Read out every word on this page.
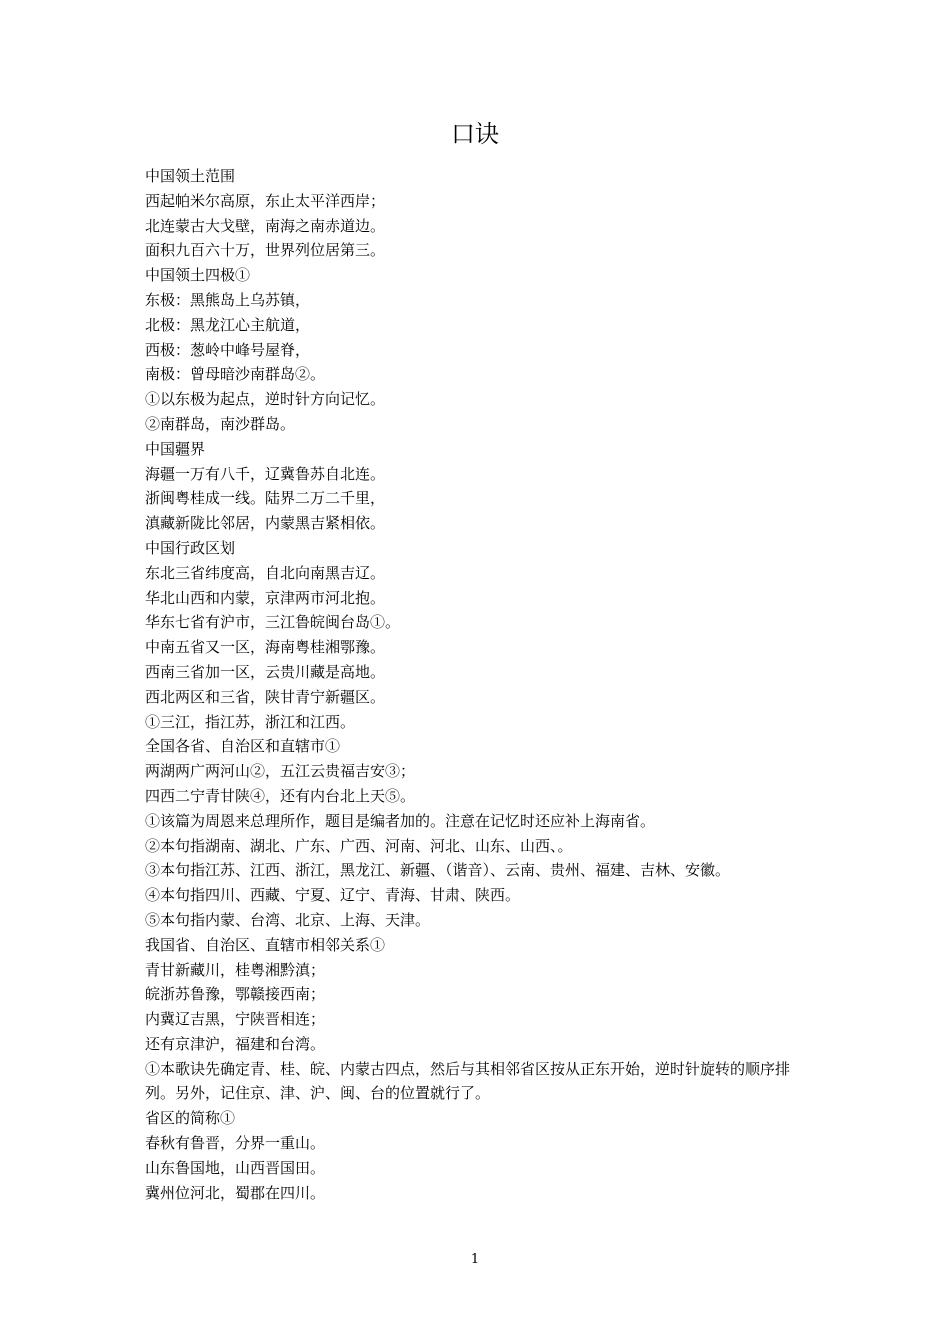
口诀

中国领土范围

西起帕米尔高原，东止太平洋西岸；

北连蒙古大戈壁，南海之南赤道边。

面积九百六十万，世界列位居第三。

中国领土四极①

东极：黑熊岛上乌苏镇，

北极：黑龙江心主航道，

西极：葱岭中峰号屋脊，

南极：曾母暗沙南群岛②。

①以东极为起点，逆时针方向记忆。

②南群岛，南沙群岛。

中国疆界

海疆一万有八千，辽冀鲁苏自北连。

浙闽粤桂成一线。陆界二万二千里，

滇藏新陇比邻居，内蒙黑吉紧相依。

中国行政区划

东北三省纬度高，自北向南黑吉辽。

华北山西和内蒙，京津两市河北抱。

华东七省有沪市，三江鲁皖闽台岛①。

中南五省又一区，海南粤桂湘鄂豫。

西南三省加一区，云贵川藏是高地。

西北两区和三省，陕甘青宁新疆区。

①三江，指江苏，浙江和江西。

全国各省、自治区和直辖市①

两湖两广两河山②，五江云贵福吉安③；

四西二宁青甘陕④，还有内台北上天⑤。

①该篇为周恩来总理所作，题目是编者加的。注意在记忆时还应补上海南省。

②本句指湖南、湖北、广东、广西、河南、河北、山东、山西、。

③本句指江苏、江西、浙江，黑龙江、新疆、（谐音）、云南、贵州、福建、吉林、安徽。

④本句指四川、西藏、宁夏、辽宁、青海、甘肃、陕西。

⑤本句指内蒙、台湾、北京、上海、天津。

我国省、自治区、直辖市相邻关系①

青甘新藏川，桂粤湘黔滇；

皖浙苏鲁豫，鄂赣接西南；

内冀辽吉黑，宁陕晋相连；

还有京津沪，福建和台湾。

①本歌诀先确定青、桂、皖、内蒙古四点，然后与其相邻省区按从正东开始，逆时针旋转的顺序排列。另外，记住京、津、沪、闽、台的位置就行了。

省区的简称①

春秋有鲁晋，分界一重山。

山东鲁国地，山西晋国田。

冀州位河北，蜀郡在四川。

1
